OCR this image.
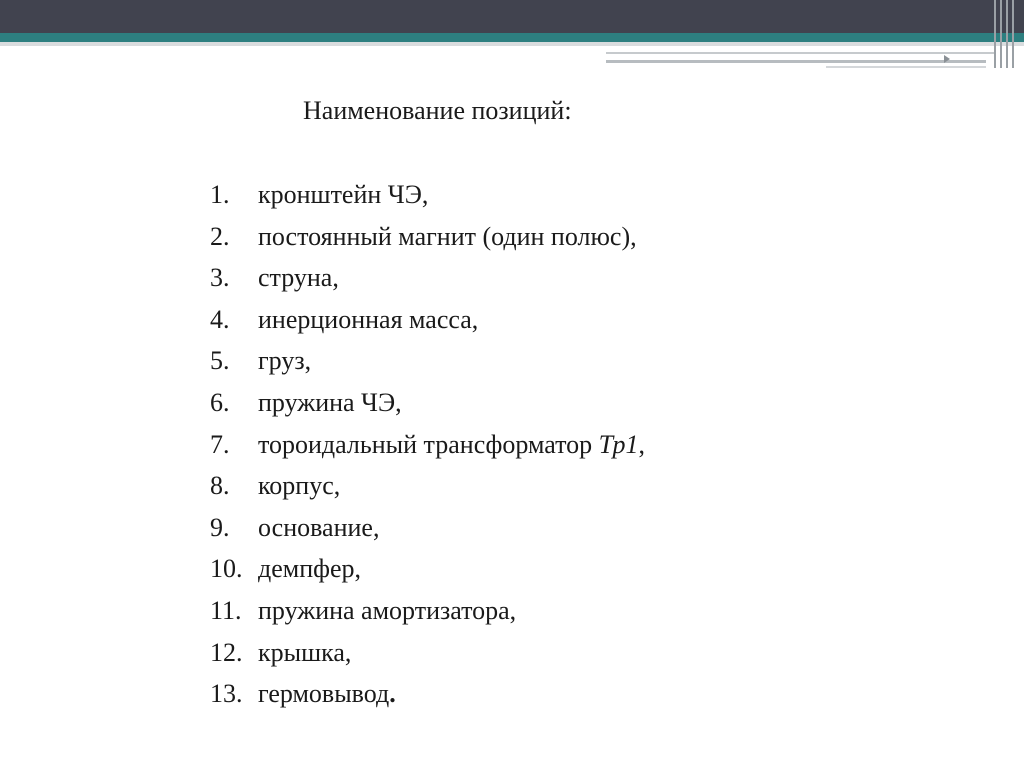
Наименование позиций:
1.	кронштейн ЧЭ,
2.	постоянный магнит (один полюс),
3.	струна,
4.	инерционная масса,
5.	груз,
6.	пружина ЧЭ,
7.	тороидальный трансформатор Тр1,
8.	корпус,
9.	основание,
10. демпфер,
11. пружина амортизатора,
12. крышка,
13. гермовывод.
